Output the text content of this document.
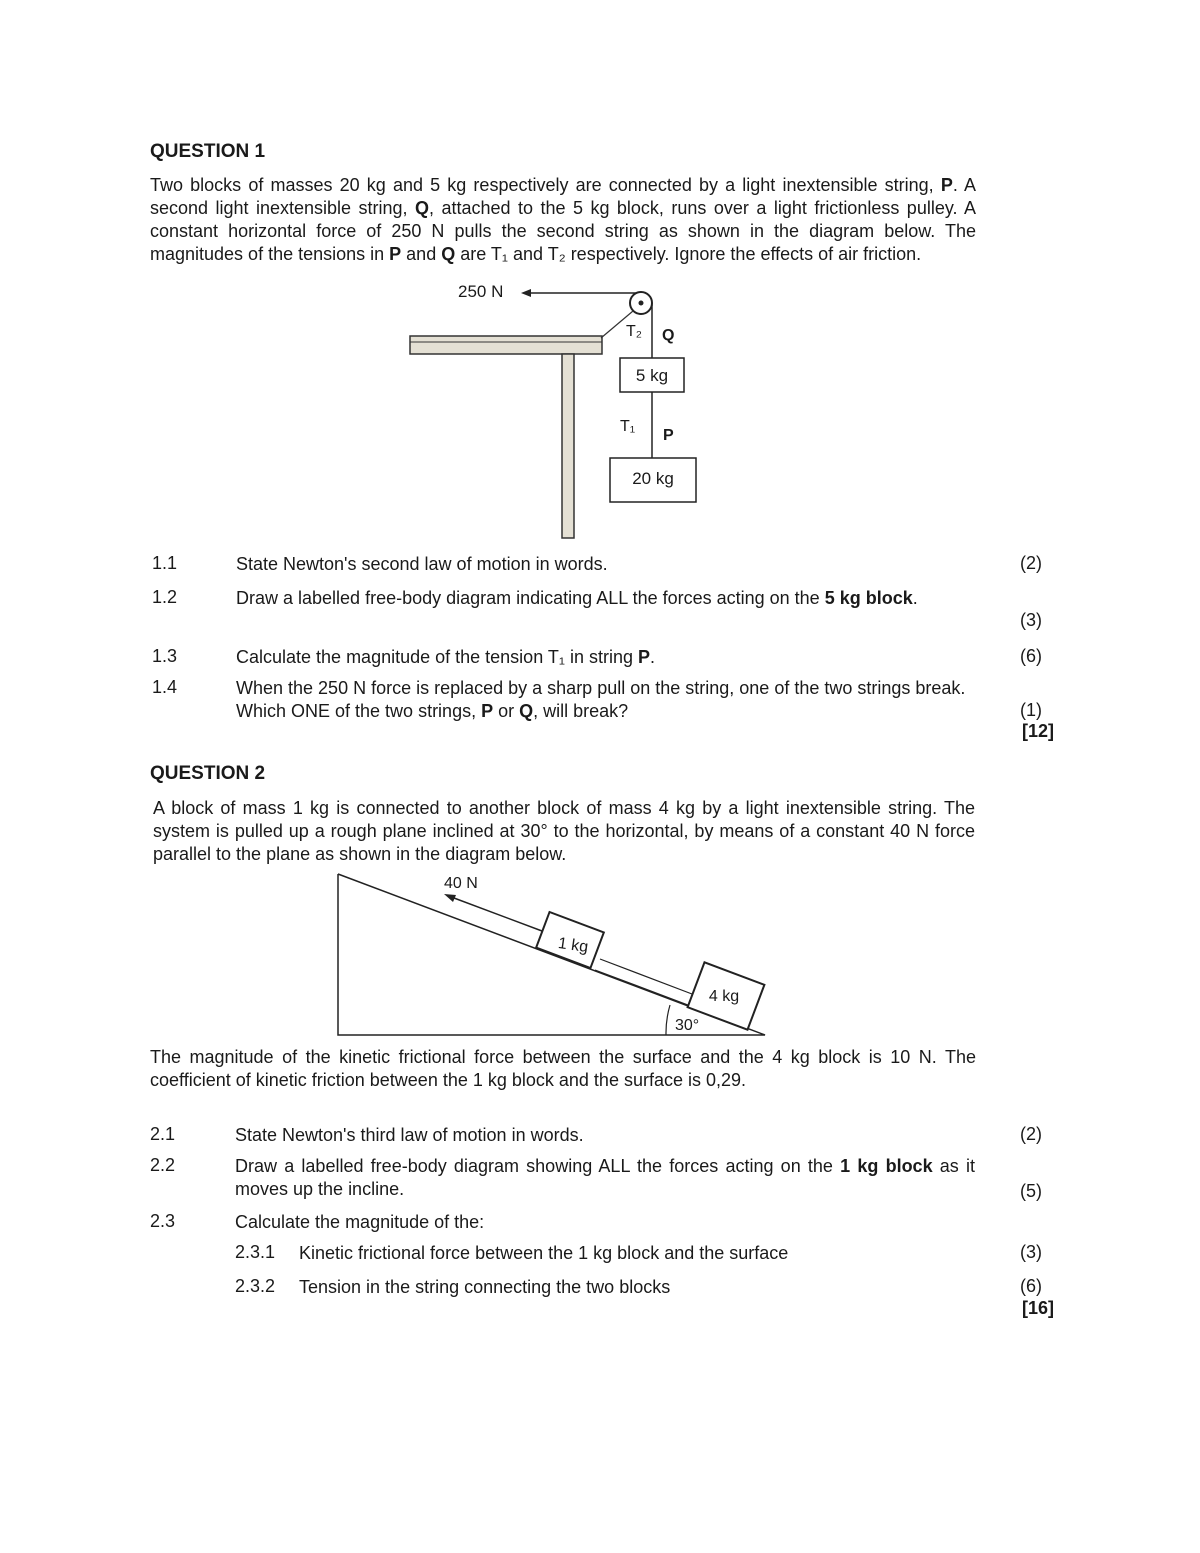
QUESTION 1
Two blocks of masses 20 kg and 5 kg respectively are connected by a light inextensible string, P. A second light inextensible string, Q, attached to the 5 kg block, runs over a light frictionless pulley. A constant horizontal force of 250 N pulls the second string as shown in the diagram below. The magnitudes of the tensions in P and Q are T₁ and T₂ respectively. Ignore the effects of air friction.
250 N
T₂ Q
5 kg
T₁
P
20 kg
1.1	State Newton's second law of motion in words.	(2)
1.2	Draw a labelled free-body diagram indicating ALL the forces acting on the 5 kg block.
(3)
1.3	Calculate the magnitude of the tension T₁ in string P.	(6)
1.4	When the 250 N force is replaced by a sharp pull on the string, one of the two strings break. Which ONE of the two strings, P or Q, will break?	(1)
[12]
QUESTION 2
A block of mass 1 kg is connected to another block of mass 4 kg by a light inextensible string. The system is pulled up a rough plane inclined at 30° to the horizontal, by means of a constant 40 N force parallel to the plane as shown in the diagram below.
40 N
1 kg
4 kg
30°
The magnitude of the kinetic frictional force between the surface and the 4 kg block is 10 N. The coefficient of kinetic friction between the 1 kg block and the surface is 0,29.
2.1	State Newton's third law of motion in words.	(2)
2.2	Draw a labelled free-body diagram showing ALL the forces acting on the 1 kg block as it moves up the incline.	(5)
2.3	Calculate the magnitude of the:
2.3.1 Kinetic frictional force between the 1 kg block and the surface	(3)
2.3.2 Tension in the string connecting the two blocks	(6)
[16]
